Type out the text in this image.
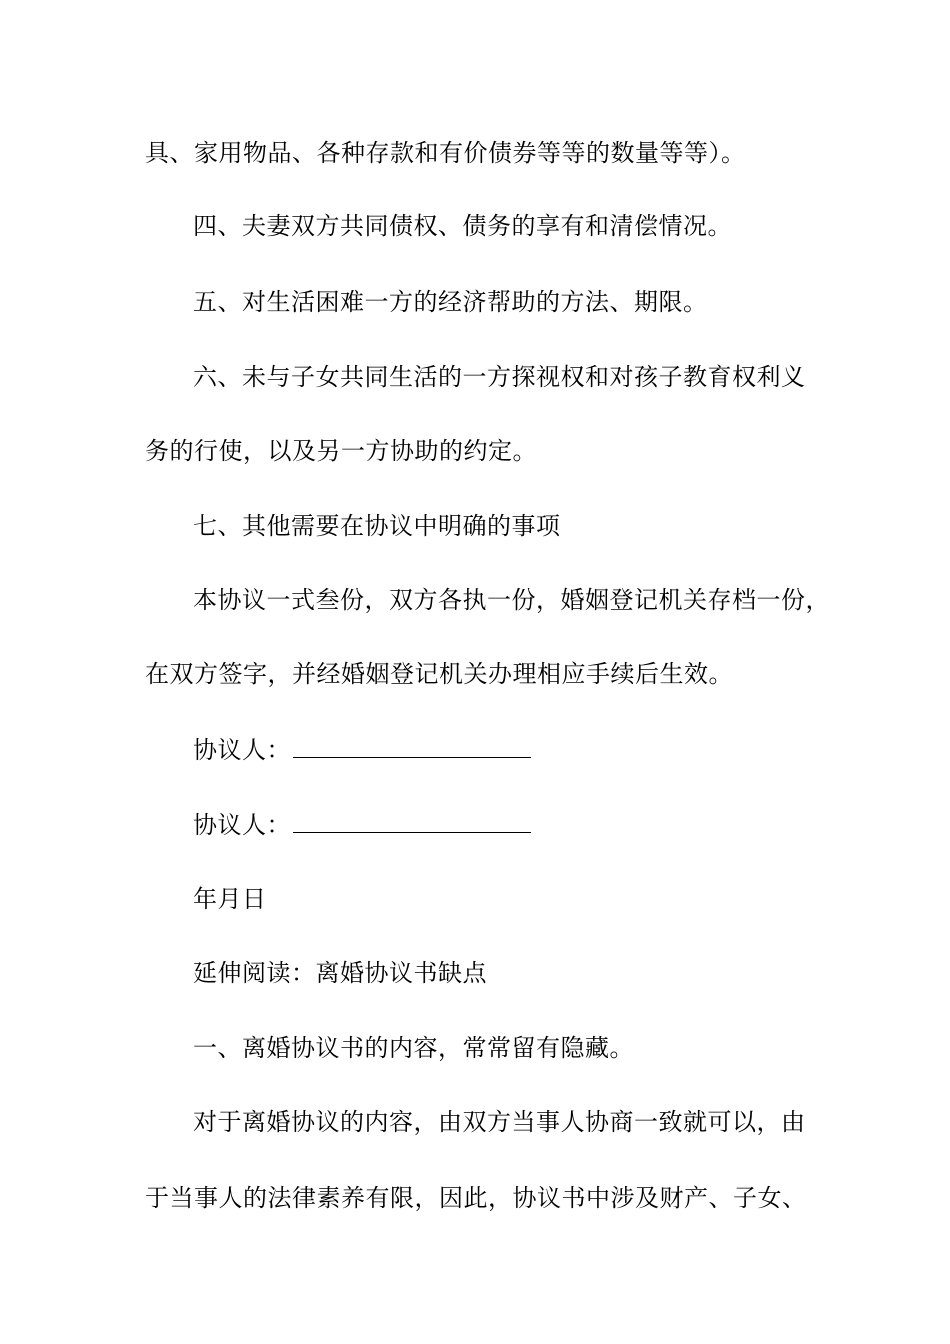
具、家用物品、各种存款和有价债券等等的数量等等）。
四、夫妻双方共同债权、债务的享有和清偿情况。
五、对生活困难一方的经济帮助的方法、期限。
六、未与子女共同生活的一方探视权和对孩子教育权利义
务的行使，以及另一方协助的约定。
七、其他需要在协议中明确的事项
本协议一式叁份，双方各执一份，婚姻登记机关存档一份，
在双方签字，并经婚姻登记机关办理相应手续后生效。
协议人：
协议人：
年月日
延伸阅读：离婚协议书缺点
一、离婚协议书的内容，常常留有隐藏。
对于离婚协议的内容，由双方当事人协商一致就可以，由
于当事人的法律素养有限，因此，协议书中涉及财产、子女、
